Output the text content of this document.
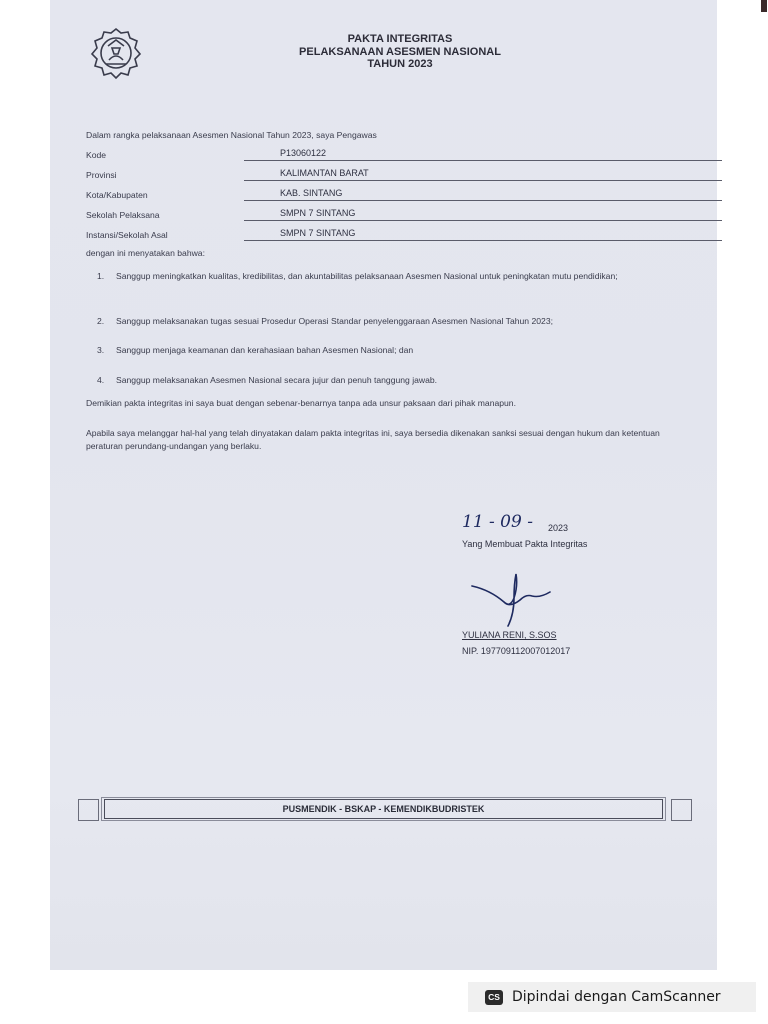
PAKTA INTEGRITAS
PELAKSANAAN ASESMEN NASIONAL
TAHUN 2023
Dalam rangka pelaksanaan Asesmen Nasional Tahun 2023, saya Pengawas
Kode	P13060122
Provinsi	KALIMANTAN BARAT
Kota/Kabupaten	KAB. SINTANG
Sekolah Pelaksana	SMPN 7 SINTANG
Instansi/Sekolah Asal	SMPN 7 SINTANG
dengan ini menyatakan bahwa:
1. Sanggup meningkatkan kualitas, kredibilitas, dan akuntabilitas pelaksanaan Asesmen Nasional untuk peningkatan mutu pendidikan;
2. Sanggup melaksanakan tugas sesuai Prosedur Operasi Standar penyelenggaraan Asesmen Nasional Tahun 2023;
3. Sanggup menjaga keamanan dan kerahasiaan bahan Asesmen Nasional; dan
4. Sanggup melaksanakan Asesmen Nasional secara jujur dan penuh tanggung jawab.
Demikian pakta integritas ini saya buat dengan sebenar-benarnya tanpa ada unsur paksaan dari pihak manapun.
Apabila saya melanggar hal-hal yang telah dinyatakan dalam pakta integritas ini, saya bersedia dikenakan sanksi sesuai dengan hukum dan ketentuan peraturan perundang-undangan yang berlaku.
11 - 09 - 2023
Yang Membuat Pakta Integritas
YULIANA RENI, S.SOS
NIP. 197709112007012017
PUSMENDIK - BSKAP - KEMENDIKBUDRISTEK
CS Dipindai dengan CamScanner
